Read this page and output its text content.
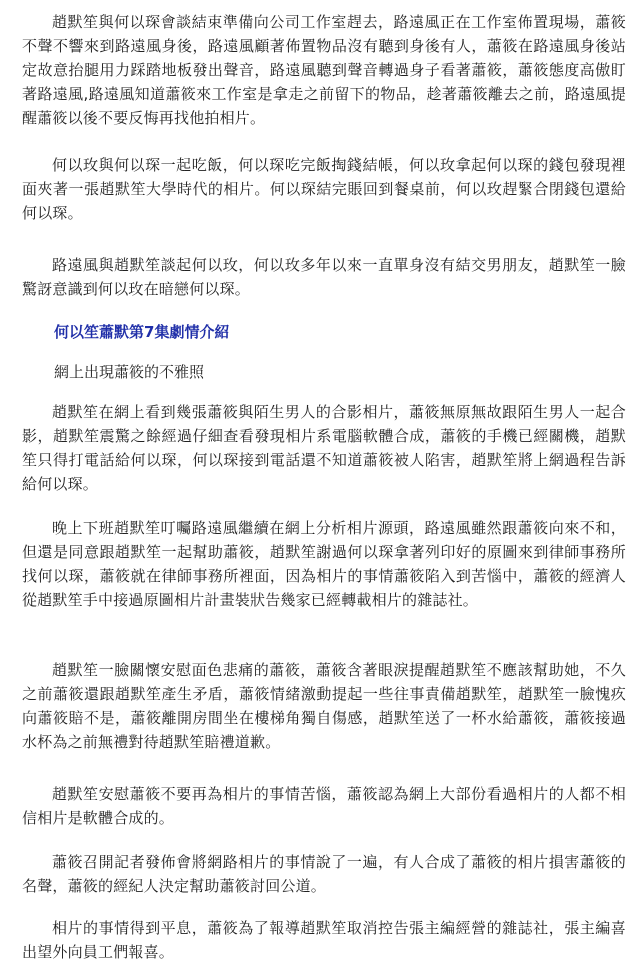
趙默笙與何以琛會談結束準備向公司工作室趕去，路遠風正在工作室佈置現場，蕭筱不聲不響來到路遠風身後，路遠風顧著佈置物品沒有聽到身後有人，蕭筱在路遠風身後站定故意抬腿用力踩踏地板發出聲音，路遠風聽到聲音轉過身子看著蕭筱，蕭筱態度高傲盯著路遠風,路遠風知道蕭筱來工作室是拿走之前留下的物品，趁著蕭筱離去之前，路遠風提醒蕭筱以後不要反悔再找他拍相片。

何以玫與何以琛一起吃飯，何以琛吃完飯掏錢結帳，何以玫拿起何以琛的錢包發現裡面夾著一張趙默笙大學時代的相片。何以琛結完賬回到餐桌前，何以玫趕緊合閉錢包還給何以琛。

路遠風與趙默笙談起何以玫，何以玫多年以來一直單身沒有結交男朋友，趙默笙一臉驚訝意識到何以玫在暗戀何以琛。

何以笙蕭默第7集劇情介紹

網上出現蕭筱的不雅照

趙默笙在網上看到幾張蕭筱與陌生男人的合影相片，蕭筱無原無故跟陌生男人一起合影，趙默笙震驚之餘經過仔細查看發現相片系電腦軟體合成，蕭筱的手機已經關機，趙默笙只得打電話給何以琛，何以琛接到電話還不知道蕭筱被人陷害，趙默笙將上網過程告訴給何以琛。

晚上下班趙默笙叮囑路遠風繼續在網上分析相片源頭，路遠風雖然跟蕭筱向來不和，但還是同意跟趙默笙一起幫助蕭筱，趙默笙謝過何以琛拿著列印好的原圖來到律師事務所找何以琛，蕭筱就在律師事務所裡面，因為相片的事情蕭筱陷入到苦惱中，蕭筱的經濟人從趙默笙手中接過原圖相片計畫裝狀告幾家已經轉載相片的雜誌社。

趙默笙一臉關懷安慰面色悲痛的蕭筱，蕭筱含著眼淚提醒趙默笙不應該幫助她，不久之前蕭筱還跟趙默笙產生矛盾，蕭筱情緒激動提起一些往事責備趙默笙，趙默笙一臉愧疚向蕭筱賠不是，蕭筱離開房間坐在樓梯角獨自傷感，趙默笙送了一杯水給蕭筱，蕭筱接過水杯為之前無禮對待趙默笙賠禮道歉。

趙默笙安慰蕭筱不要再為相片的事情苦惱，蕭筱認為網上大部份看過相片的人都不相信相片是軟體合成的。

蕭筱召開記者發佈會將網路相片的事情說了一遍，有人合成了蕭筱的相片損害蕭筱的名聲，蕭筱的經紀人決定幫助蕭筱討回公道。

相片的事情得到平息，蕭筱為了報導趙默笙取消控告張主編經營的雜誌社，張主編喜出望外向員工們報喜。
